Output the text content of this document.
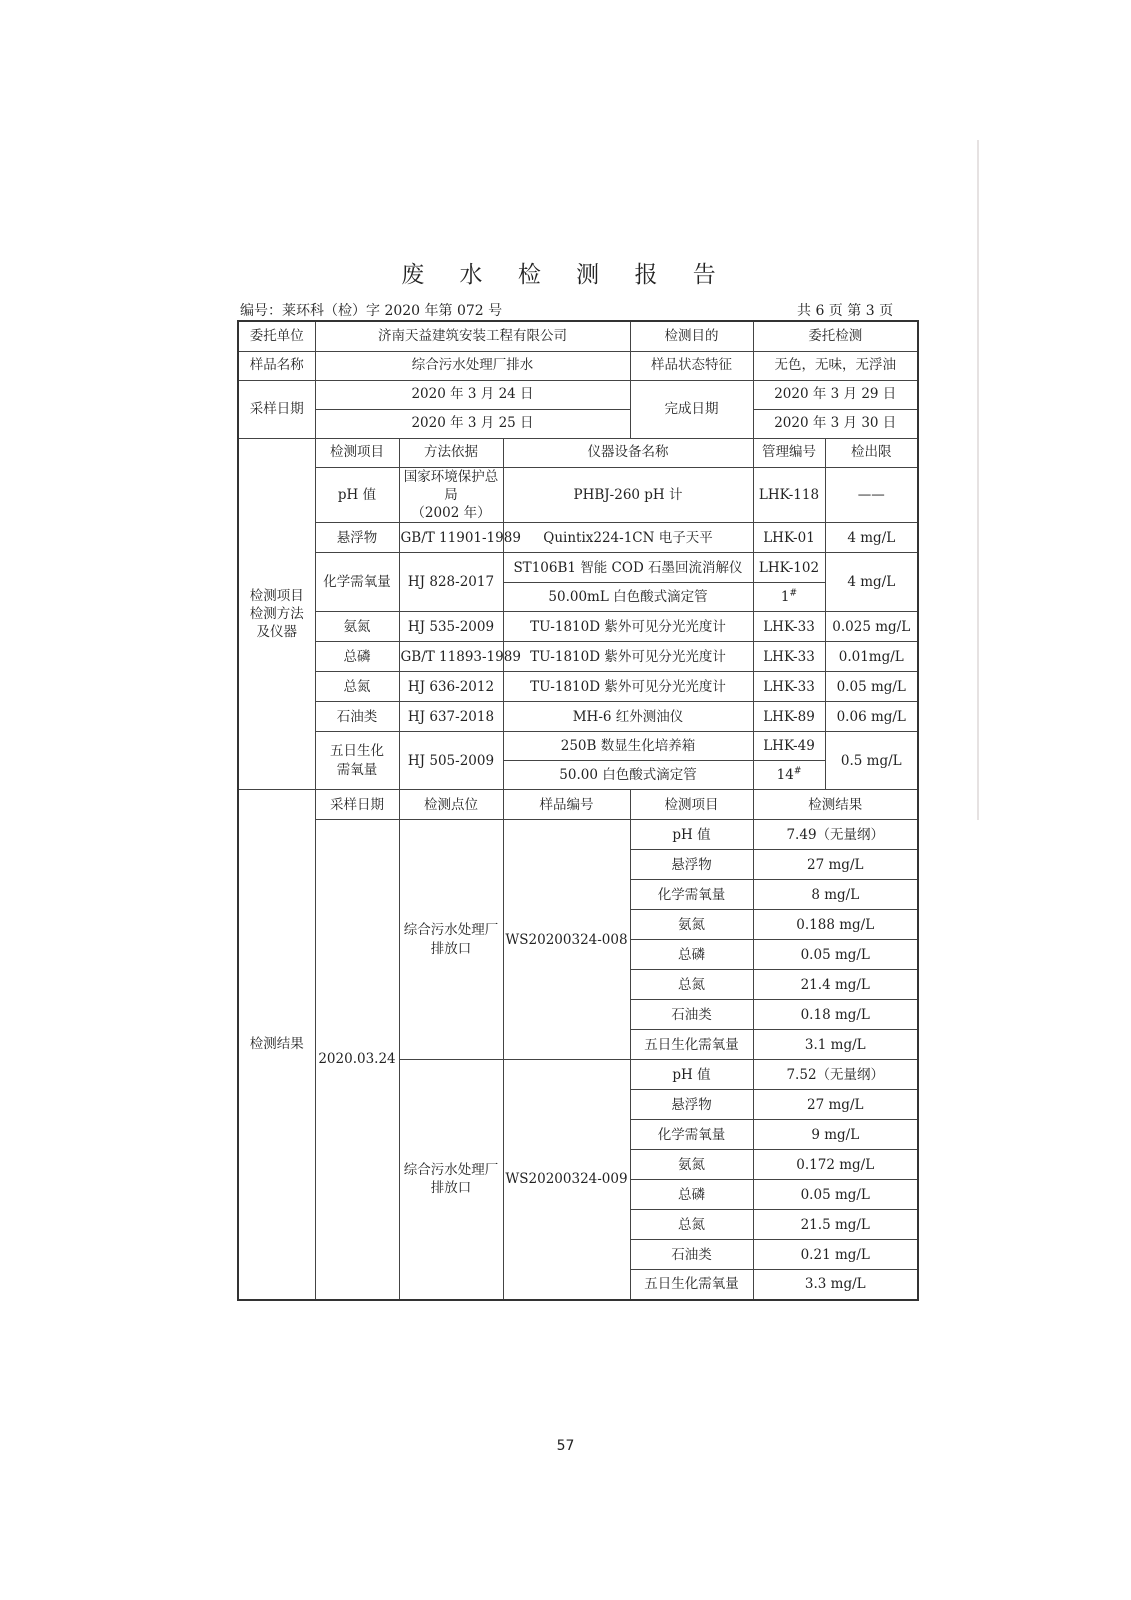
废 水 检 测 报 告
编号：莱环科（检）字 2020 年第 072 号	共 6 页 第 3 页
委托单位	济南天益建筑安装工程有限公司			检测目的	委托检测	
样品名称	综合污水处理厂排水			样品状态特征	无色，无味，无浮油	
采样日期	2020 年 3 月 24 日			完成日期	2020 年 3 月 29 日	
	2020 年 3 月 25 日				2020 年 3 月 30 日	
检测项目
检测方法
及仪器	检测项目	方法依据	仪器设备名称		管理编号	检出限
	pH 值	国家环境保护总局
（2002 年）	PHBJ-260 pH 计		LHK-118	——
	悬浮物	GB/T 11901-1989	Quintix224-1CN 电子天平		LHK-01	4 mg/L
	化学需氧量	HJ 828-2017	ST106B1 智能 COD 石墨回流消解仪		LHK-102	4 mg/L
			50.00mL 白色酸式滴定管		1#
	氨氮	HJ 535-2009	TU-1810D 紫外可见分光光度计		LHK-33	0.025 mg/L
	总磷	GB/T 11893-1989	TU-1810D 紫外可见分光光度计		LHK-33	0.01mg/L
	总氮	HJ 636-2012	TU-1810D 紫外可见分光光度计		LHK-33	0.05 mg/L
	石油类	HJ 637-2018	MH-6 红外测油仪		LHK-89	0.06 mg/L
	五日生化
需氧量	HJ 505-2009	250B 数显生化培养箱		LHK-49	0.5 mg/L
			50.00 白色酸式滴定管		14#
检测结果	采样日期	检测点位	样品编号	检测项目	检测结果	
	2020.03.24	综合污水处理厂
排放口	WS20200324-008	pH 值	7.49（无量纲）	
				悬浮物	27 mg/L	
				化学需氧量	8 mg/L	
				氨氮	0.188 mg/L	
				总磷	0.05 mg/L	
				总氮	21.4 mg/L	
				石油类	0.18 mg/L	
				五日生化需氧量	3.1 mg/L	
		综合污水处理厂
排放口	WS20200324-009	pH 值	7.52（无量纲）	
				悬浮物	27 mg/L	
				化学需氧量	9 mg/L	
				氨氮	0.172 mg/L	
				总磷	0.05 mg/L	
				总氮	21.5 mg/L	
				石油类	0.21 mg/L	
				五日生化需氧量	3.3 mg/L	
57
